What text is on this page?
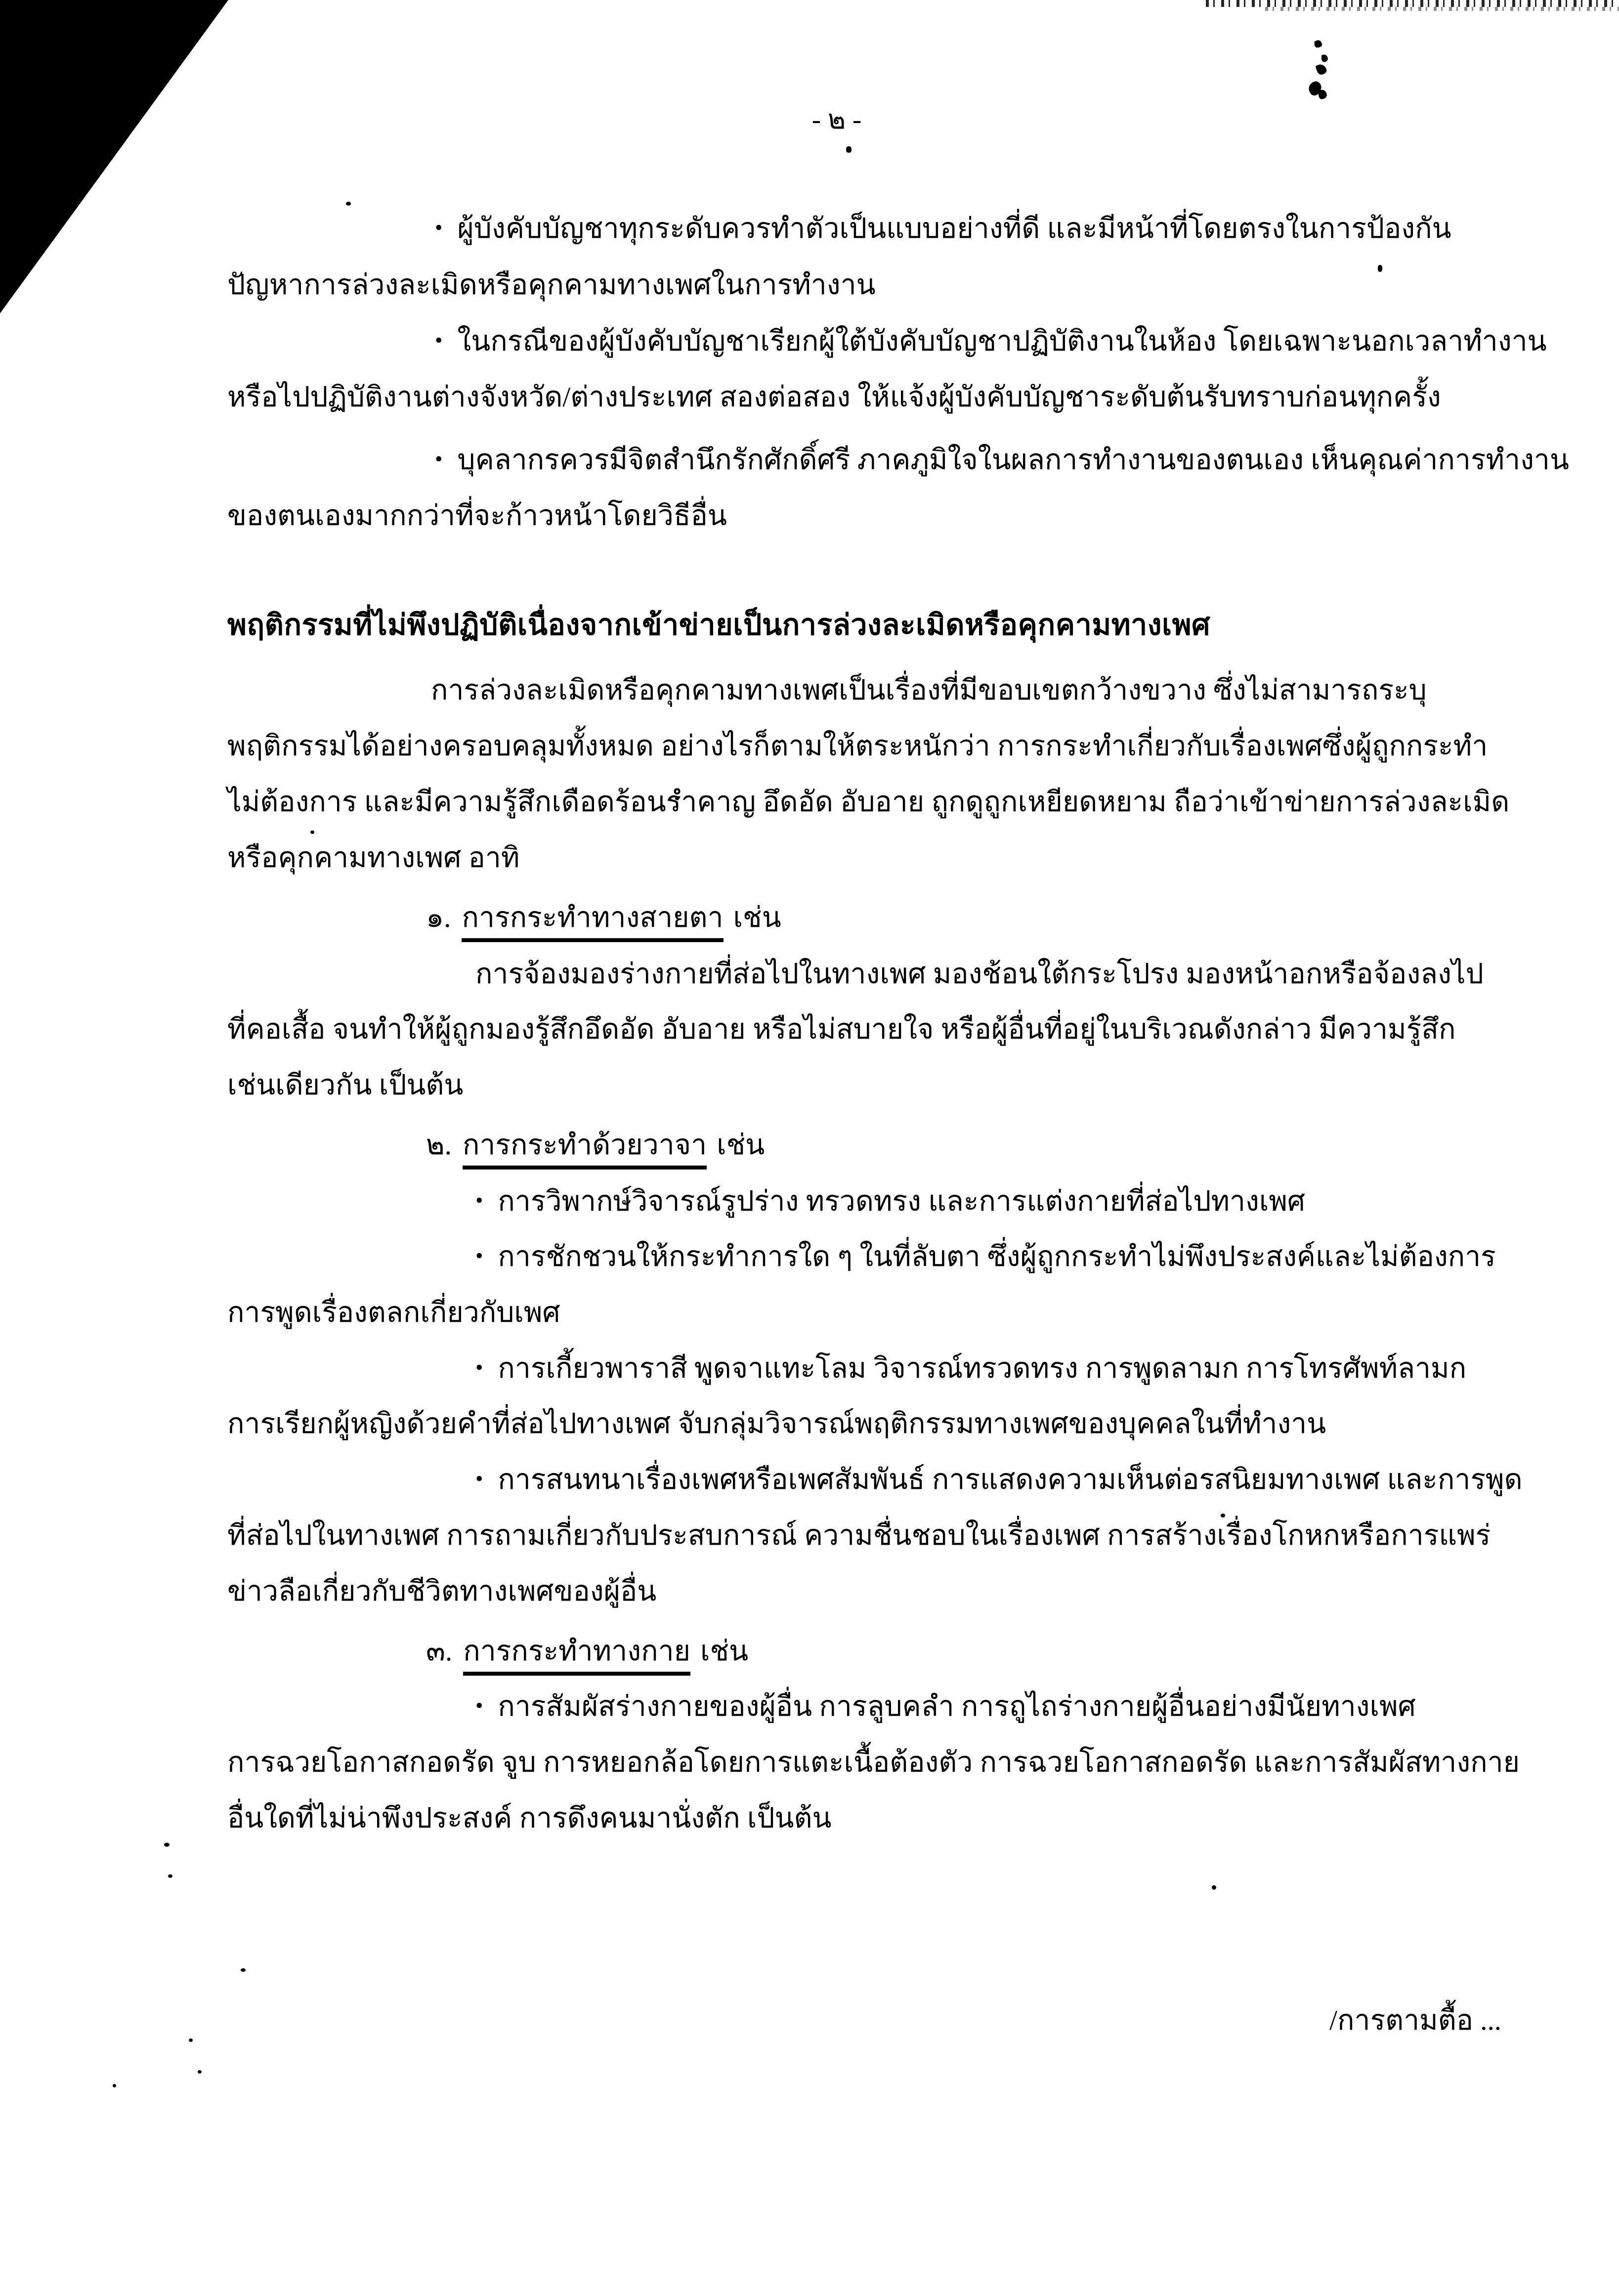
- ๒ -
• ผู้บังคับบัญชาทุกระดับควรทำตัวเป็นแบบอย่างที่ดี และมีหน้าที่โดยตรงในการป้องกัน
ปัญหาการล่วงละเมิดหรือคุกคามทางเพศในการทำงาน
• ในกรณีของผู้บังคับบัญชาเรียกผู้ใต้บังคับบัญชาปฏิบัติงานในห้อง โดยเฉพาะนอกเวลาทำงาน
หรือไปปฏิบัติงานต่างจังหวัด/ต่างประเทศ สองต่อสอง ให้แจ้งผู้บังคับบัญชาระดับต้นรับทราบก่อนทุกครั้ง
• บุคลากรควรมีจิตสำนึกรักศักดิ์ศรี ภาคภูมิใจในผลการทำงานของตนเอง เห็นคุณค่าการทำงาน
ของตนเองมากกว่าที่จะก้าวหน้าโดยวิธีอื่น
พฤติกรรมที่ไม่พึงปฏิบัติเนื่องจากเข้าข่ายเป็นการล่วงละเมิดหรือคุกคามทางเพศ
การล่วงละเมิดหรือคุกคามทางเพศเป็นเรื่องที่มีขอบเขตกว้างขวาง ซึ่งไม่สามารถระบุ
พฤติกรรมได้อย่างครอบคลุมทั้งหมด อย่างไรก็ตามให้ตระหนักว่า การกระทำเกี่ยวกับเรื่องเพศซึ่งผู้ถูกกระทำ
ไม่ต้องการ และมีความรู้สึกเดือดร้อนรำคาญ อึดอัด อับอาย ถูกดูถูกเหยียดหยาม ถือว่าเข้าข่ายการล่วงละเมิด
หรือคุกคามทางเพศ อาทิ
๑. การกระทำทางสายตา เช่น
การจ้องมองร่างกายที่ส่อไปในทางเพศ มองช้อนใต้กระโปรง มองหน้าอกหรือจ้องลงไป
ที่คอเสื้อ จนทำให้ผู้ถูกมองรู้สึกอึดอัด อับอาย หรือไม่สบายใจ หรือผู้อื่นที่อยู่ในบริเวณดังกล่าว มีความรู้สึก
เช่นเดียวกัน เป็นต้น
๒. การกระทำด้วยวาจา เช่น
• การวิพากษ์วิจารณ์รูปร่าง ทรวดทรง และการแต่งกายที่ส่อไปทางเพศ
• การชักชวนให้กระทำการใด ๆ ในที่ลับตา ซึ่งผู้ถูกกระทำไม่พึงประสงค์และไม่ต้องการ
การพูดเรื่องตลกเกี่ยวกับเพศ
• การเกี้ยวพาราสี พูดจาแทะโลม วิจารณ์ทรวดทรง การพูดลามก การโทรศัพท์ลามก
การเรียกผู้หญิงด้วยคำที่ส่อไปทางเพศ จับกลุ่มวิจารณ์พฤติกรรมทางเพศของบุคคลในที่ทำงาน
• การสนทนาเรื่องเพศหรือเพศสัมพันธ์ การแสดงความเห็นต่อรสนิยมทางเพศ และการพูด
ที่ส่อไปในทางเพศ การถามเกี่ยวกับประสบการณ์ ความชื่นชอบในเรื่องเพศ การสร้างเรื่องโกหกหรือการแพร่
ข่าวลือเกี่ยวกับชีวิตทางเพศของผู้อื่น
๓. การกระทำทางกาย เช่น
• การสัมผัสร่างกายของผู้อื่น การลูบคลำ การถูไถร่างกายผู้อื่นอย่างมีนัยทางเพศ
การฉวยโอกาสกอดรัด จูบ การหยอกล้อโดยการแตะเนื้อต้องตัว การฉวยโอกาสกอดรัด และการสัมผัสทางกาย
อื่นใดที่ไม่น่าพึงประสงค์ การดึงคนมานั่งตัก เป็นต้น
/การตามตื้อ ...
